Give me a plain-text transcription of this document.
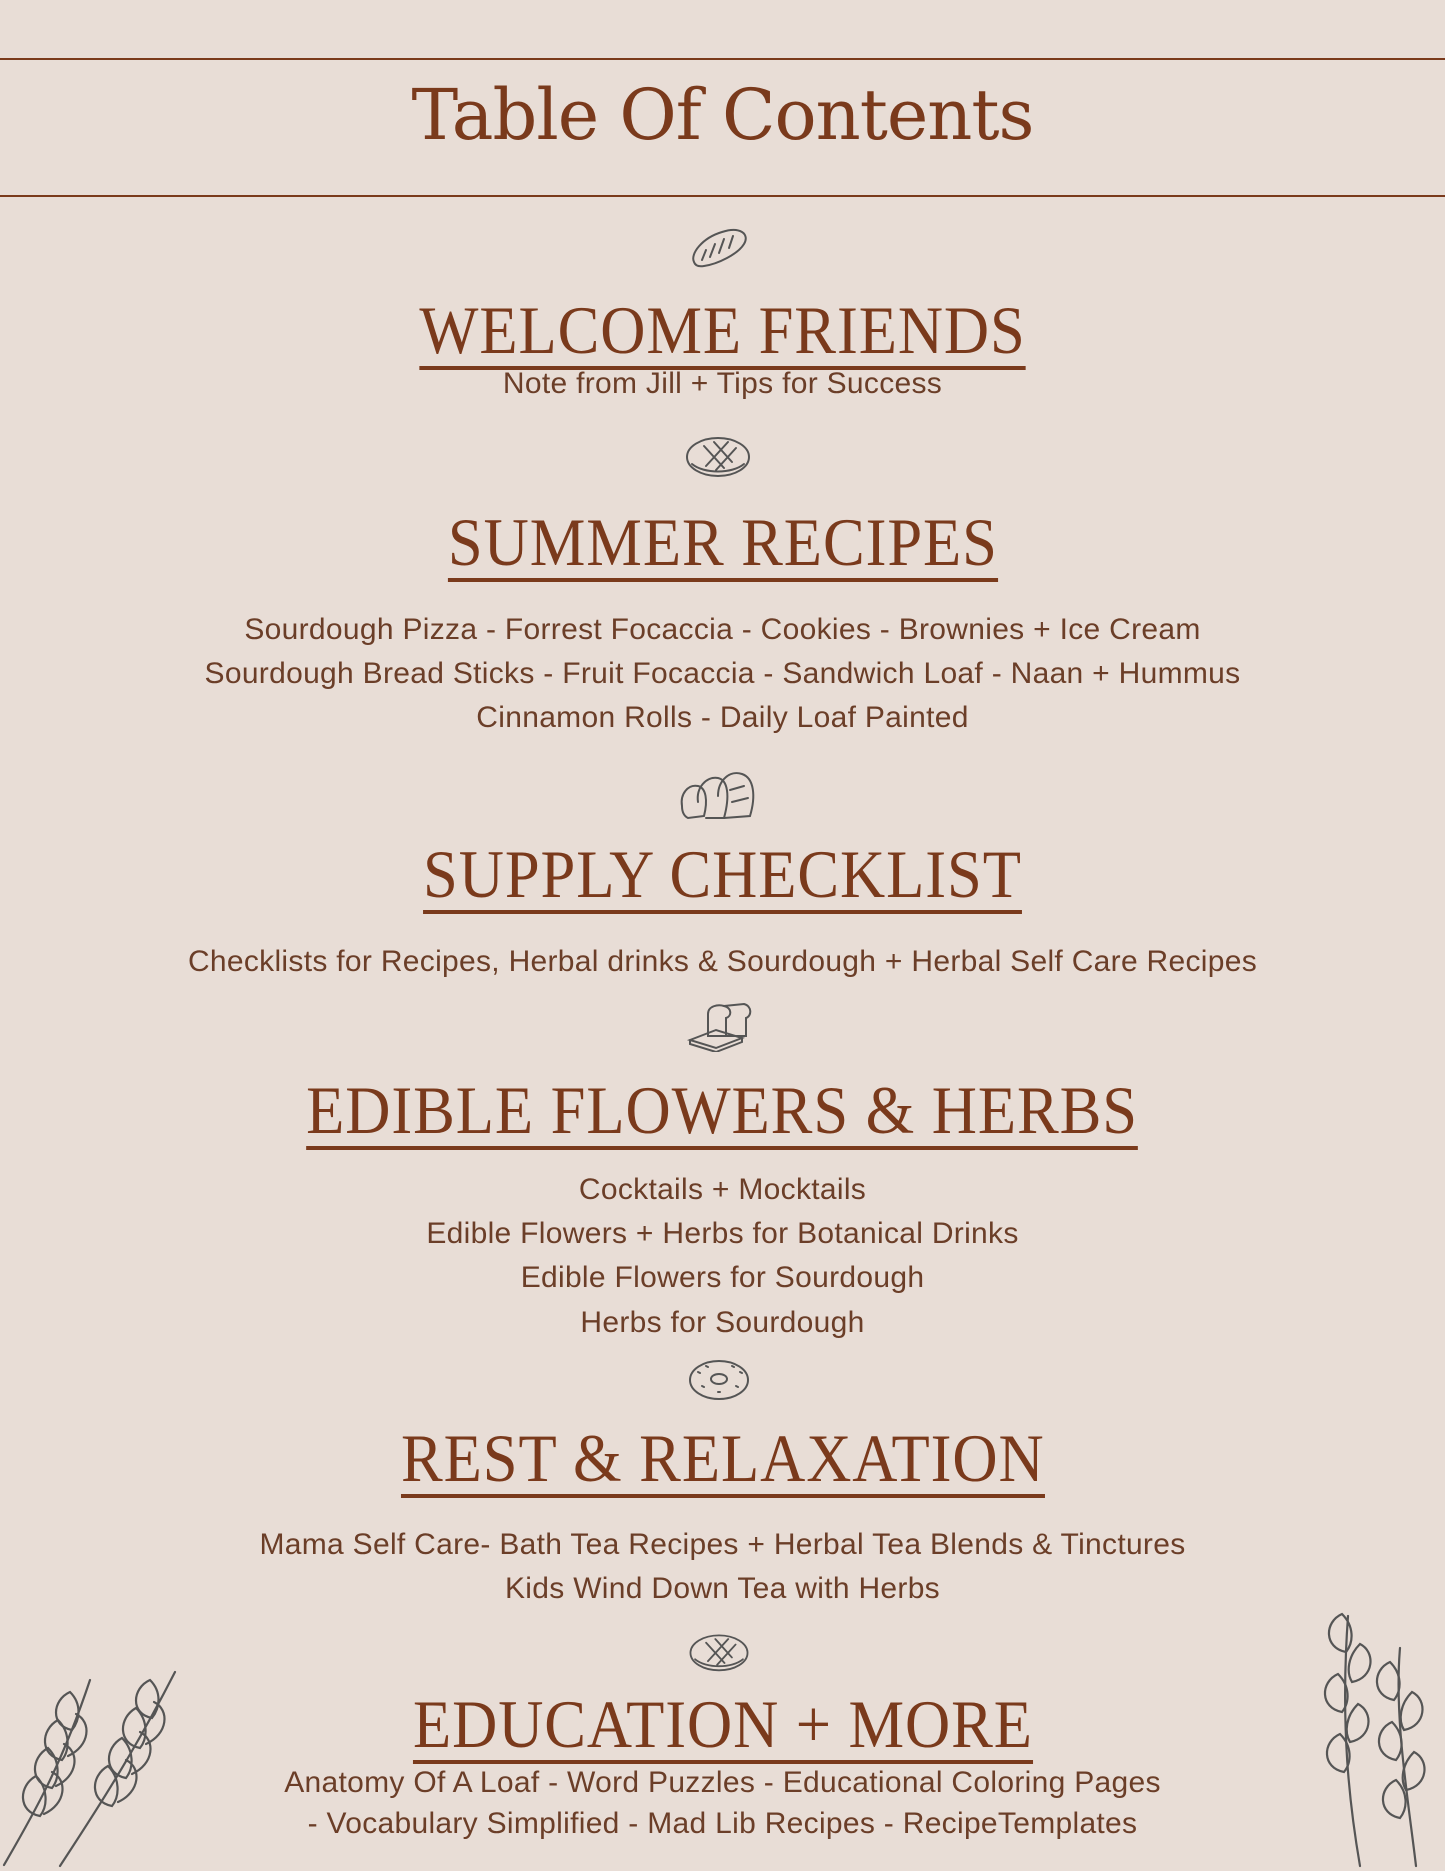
Table Of Contents
WELCOME FRIENDS
Note from Jill + Tips for Success
SUMMER RECIPES
Sourdough Pizza - Forrest Focaccia - Cookies - Brownies + Ice Cream
Sourdough Bread Sticks - Fruit Focaccia - Sandwich Loaf - Naan + Hummus
Cinnamon Rolls - Daily Loaf Painted
SUPPLY CHECKLIST
Checklists for Recipes, Herbal drinks & Sourdough + Herbal Self Care Recipes
EDIBLE FLOWERS & HERBS
Cocktails + Mocktails
Edible Flowers + Herbs for Botanical Drinks
Edible Flowers for Sourdough
Herbs for Sourdough
REST & RELAXATION
Mama Self Care- Bath Tea Recipes + Herbal Tea Blends & Tinctures
Kids Wind Down Tea with Herbs
EDUCATION + MORE
Anatomy Of A Loaf - Word Puzzles - Educational Coloring Pages
- Vocabulary Simplified - Mad Lib Recipes - RecipeTemplates
